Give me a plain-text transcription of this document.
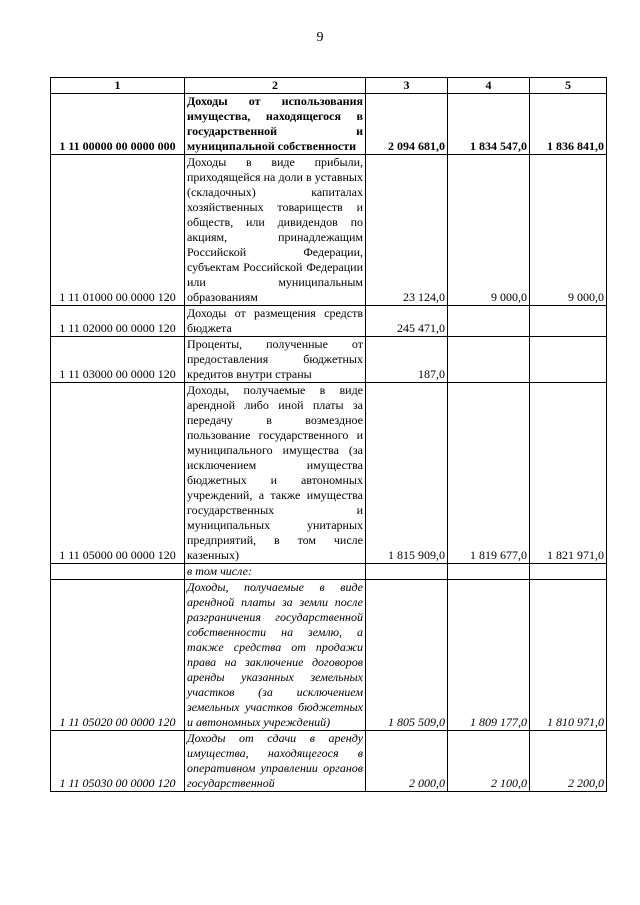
9
1	2	3	4	5
1 11 00000 00 0000 000	Доходы от использования имущества, находящегося в государственной и муниципальной собственности	2 094 681,0	1 834 547,0	1 836 841,0
1 11 01000 00 0000 120	Доходы в виде прибыли, приходящейся на доли в уставных (складочных) капиталах хозяйственных товариществ и обществ, или дивидендов по акциям, принадлежащим Российской Федерации, субъектам Российской Федерации или муниципальным образованиям	23 124,0	9 000,0	9 000,0
1 11 02000 00 0000 120	Доходы от размещения средств бюджета	245 471,0		
1 11 03000 00 0000 120	Проценты, полученные от предоставления бюджетных кредитов внутри страны	187,0		
1 11 05000 00 0000 120	Доходы, получаемые в виде арендной либо иной платы за передачу в возмездное пользование государственного и муниципального имущества (за исключением имущества бюджетных и автономных учреждений, а также имущества государственных и муниципальных унитарных предприятий, в том числе казенных)	1 815 909,0	1 819 677,0	1 821 971,0
	в том числе:			
1 11 05020 00 0000 120	Доходы, получаемые в виде арендной платы за земли после разграничения государственной собственности на землю, а также средства от продажи права на заключение договоров аренды указанных земельных участков (за исключением земельных участков бюджетных и автономных учреждений)	1 805 509,0	1 809 177,0	1 810 971,0
1 11 05030 00 0000 120	Доходы от сдачи в аренду имущества, находящегося в оперативном управлении органов государственной	2 000,0	2 100,0	2 200,0
